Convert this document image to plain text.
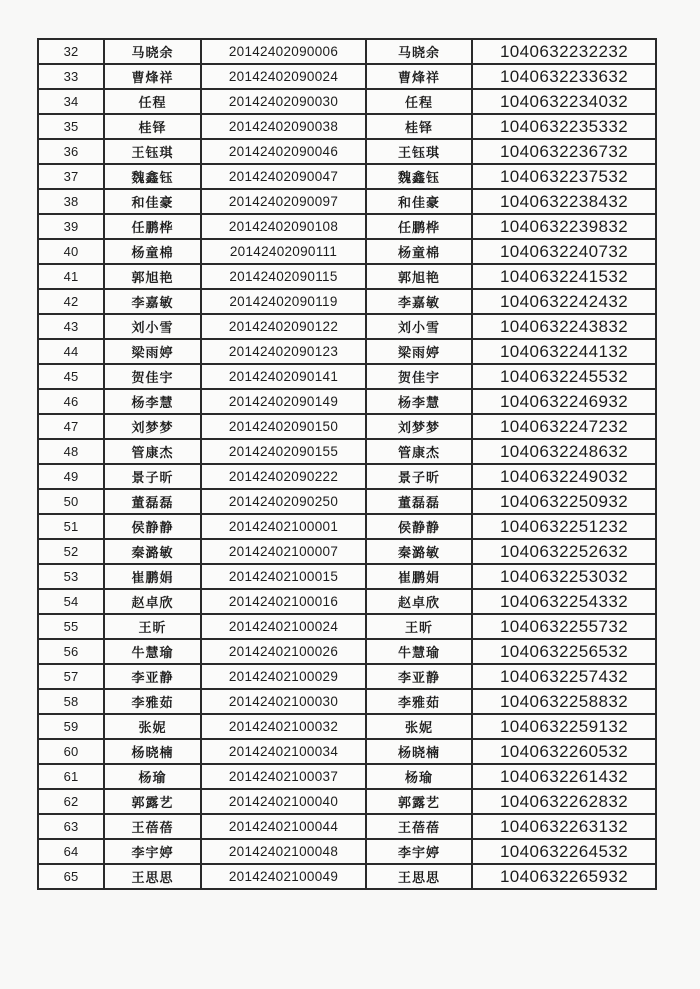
32	马晓余	20142402090006	马晓余	1040632232232
33	曹烽祥	20142402090024	曹烽祥	1040632233632
34	任程	20142402090030	任程	1040632234032
35	桂铎	20142402090038	桂铎	1040632235332
36	王钰琪	20142402090046	王钰琪	1040632236732
37	魏鑫钰	20142402090047	魏鑫钰	1040632237532
38	和佳豪	20142402090097	和佳豪	1040632238432
39	任鹏桦	20142402090108	任鹏桦	1040632239832
40	杨童棉	20142402090111	杨童棉	1040632240732
41	郭旭艳	20142402090115	郭旭艳	1040632241532
42	李嘉敏	20142402090119	李嘉敏	1040632242432
43	刘小雪	20142402090122	刘小雪	1040632243832
44	梁雨婷	20142402090123	梁雨婷	1040632244132
45	贺佳宇	20142402090141	贺佳宇	1040632245532
46	杨李慧	20142402090149	杨李慧	1040632246932
47	刘梦梦	20142402090150	刘梦梦	1040632247232
48	管康杰	20142402090155	管康杰	1040632248632
49	景子昕	20142402090222	景子昕	1040632249032
50	董磊磊	20142402090250	董磊磊	1040632250932
51	侯静静	20142402100001	侯静静	1040632251232
52	秦潞敏	20142402100007	秦潞敏	1040632252632
53	崔鹏娟	20142402100015	崔鹏娟	1040632253032
54	赵卓欣	20142402100016	赵卓欣	1040632254332
55	王昕	20142402100024	王昕	1040632255732
56	牛慧瑜	20142402100026	牛慧瑜	1040632256532
57	李亚静	20142402100029	李亚静	1040632257432
58	李雅茹	20142402100030	李雅茹	1040632258832
59	张妮	20142402100032	张妮	1040632259132
60	杨晓楠	20142402100034	杨晓楠	1040632260532
61	杨瑜	20142402100037	杨瑜	1040632261432
62	郭露艺	20142402100040	郭露艺	1040632262832
63	王蓓蓓	20142402100044	王蓓蓓	1040632263132
64	李宇婷	20142402100048	李宇婷	1040632264532
65	王思思	20142402100049	王思思	1040632265932
